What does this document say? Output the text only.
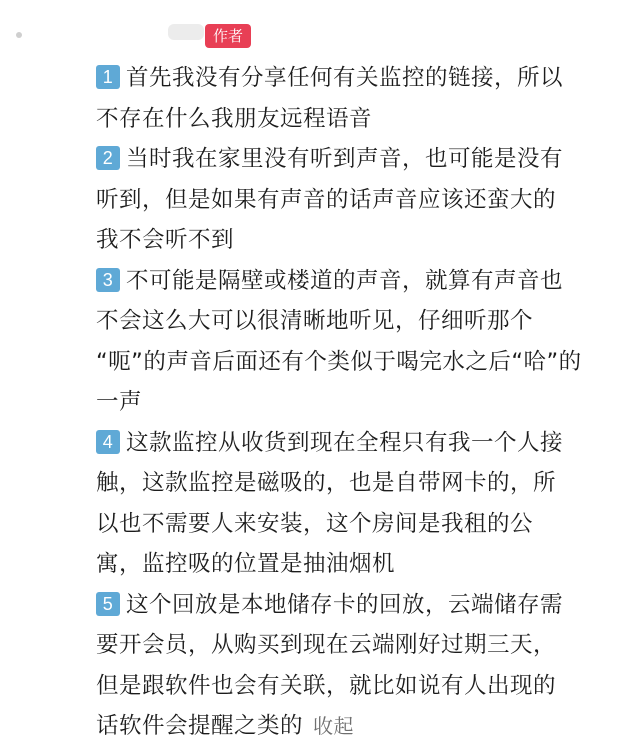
作者
1 首先我没有分享任何有关监控的链接，所以
不存在什么我朋友远程语音
2 当时我在家里没有听到声音，也可能是没有
听到，但是如果有声音的话声音应该还蛮大的
我不会听不到
3 不可能是隔壁或楼道的声音，就算有声音也
不会这么大可以很清晰地听见，仔细听那个
“呃”的声音后面还有个类似于喝完水之后“哈”的
一声
4 这款监控从收货到现在全程只有我一个人接
触，这款监控是磁吸的，也是自带网卡的，所
以也不需要人来安装，这个房间是我租的公
寓，监控吸的位置是抽油烟机
5 这个回放是本地储存卡的回放，云端储存需
要开会员，从购买到现在云端刚好过期三天，
但是跟软件也会有关联，就比如说有人出现的
话软件会提醒之类的 收起
